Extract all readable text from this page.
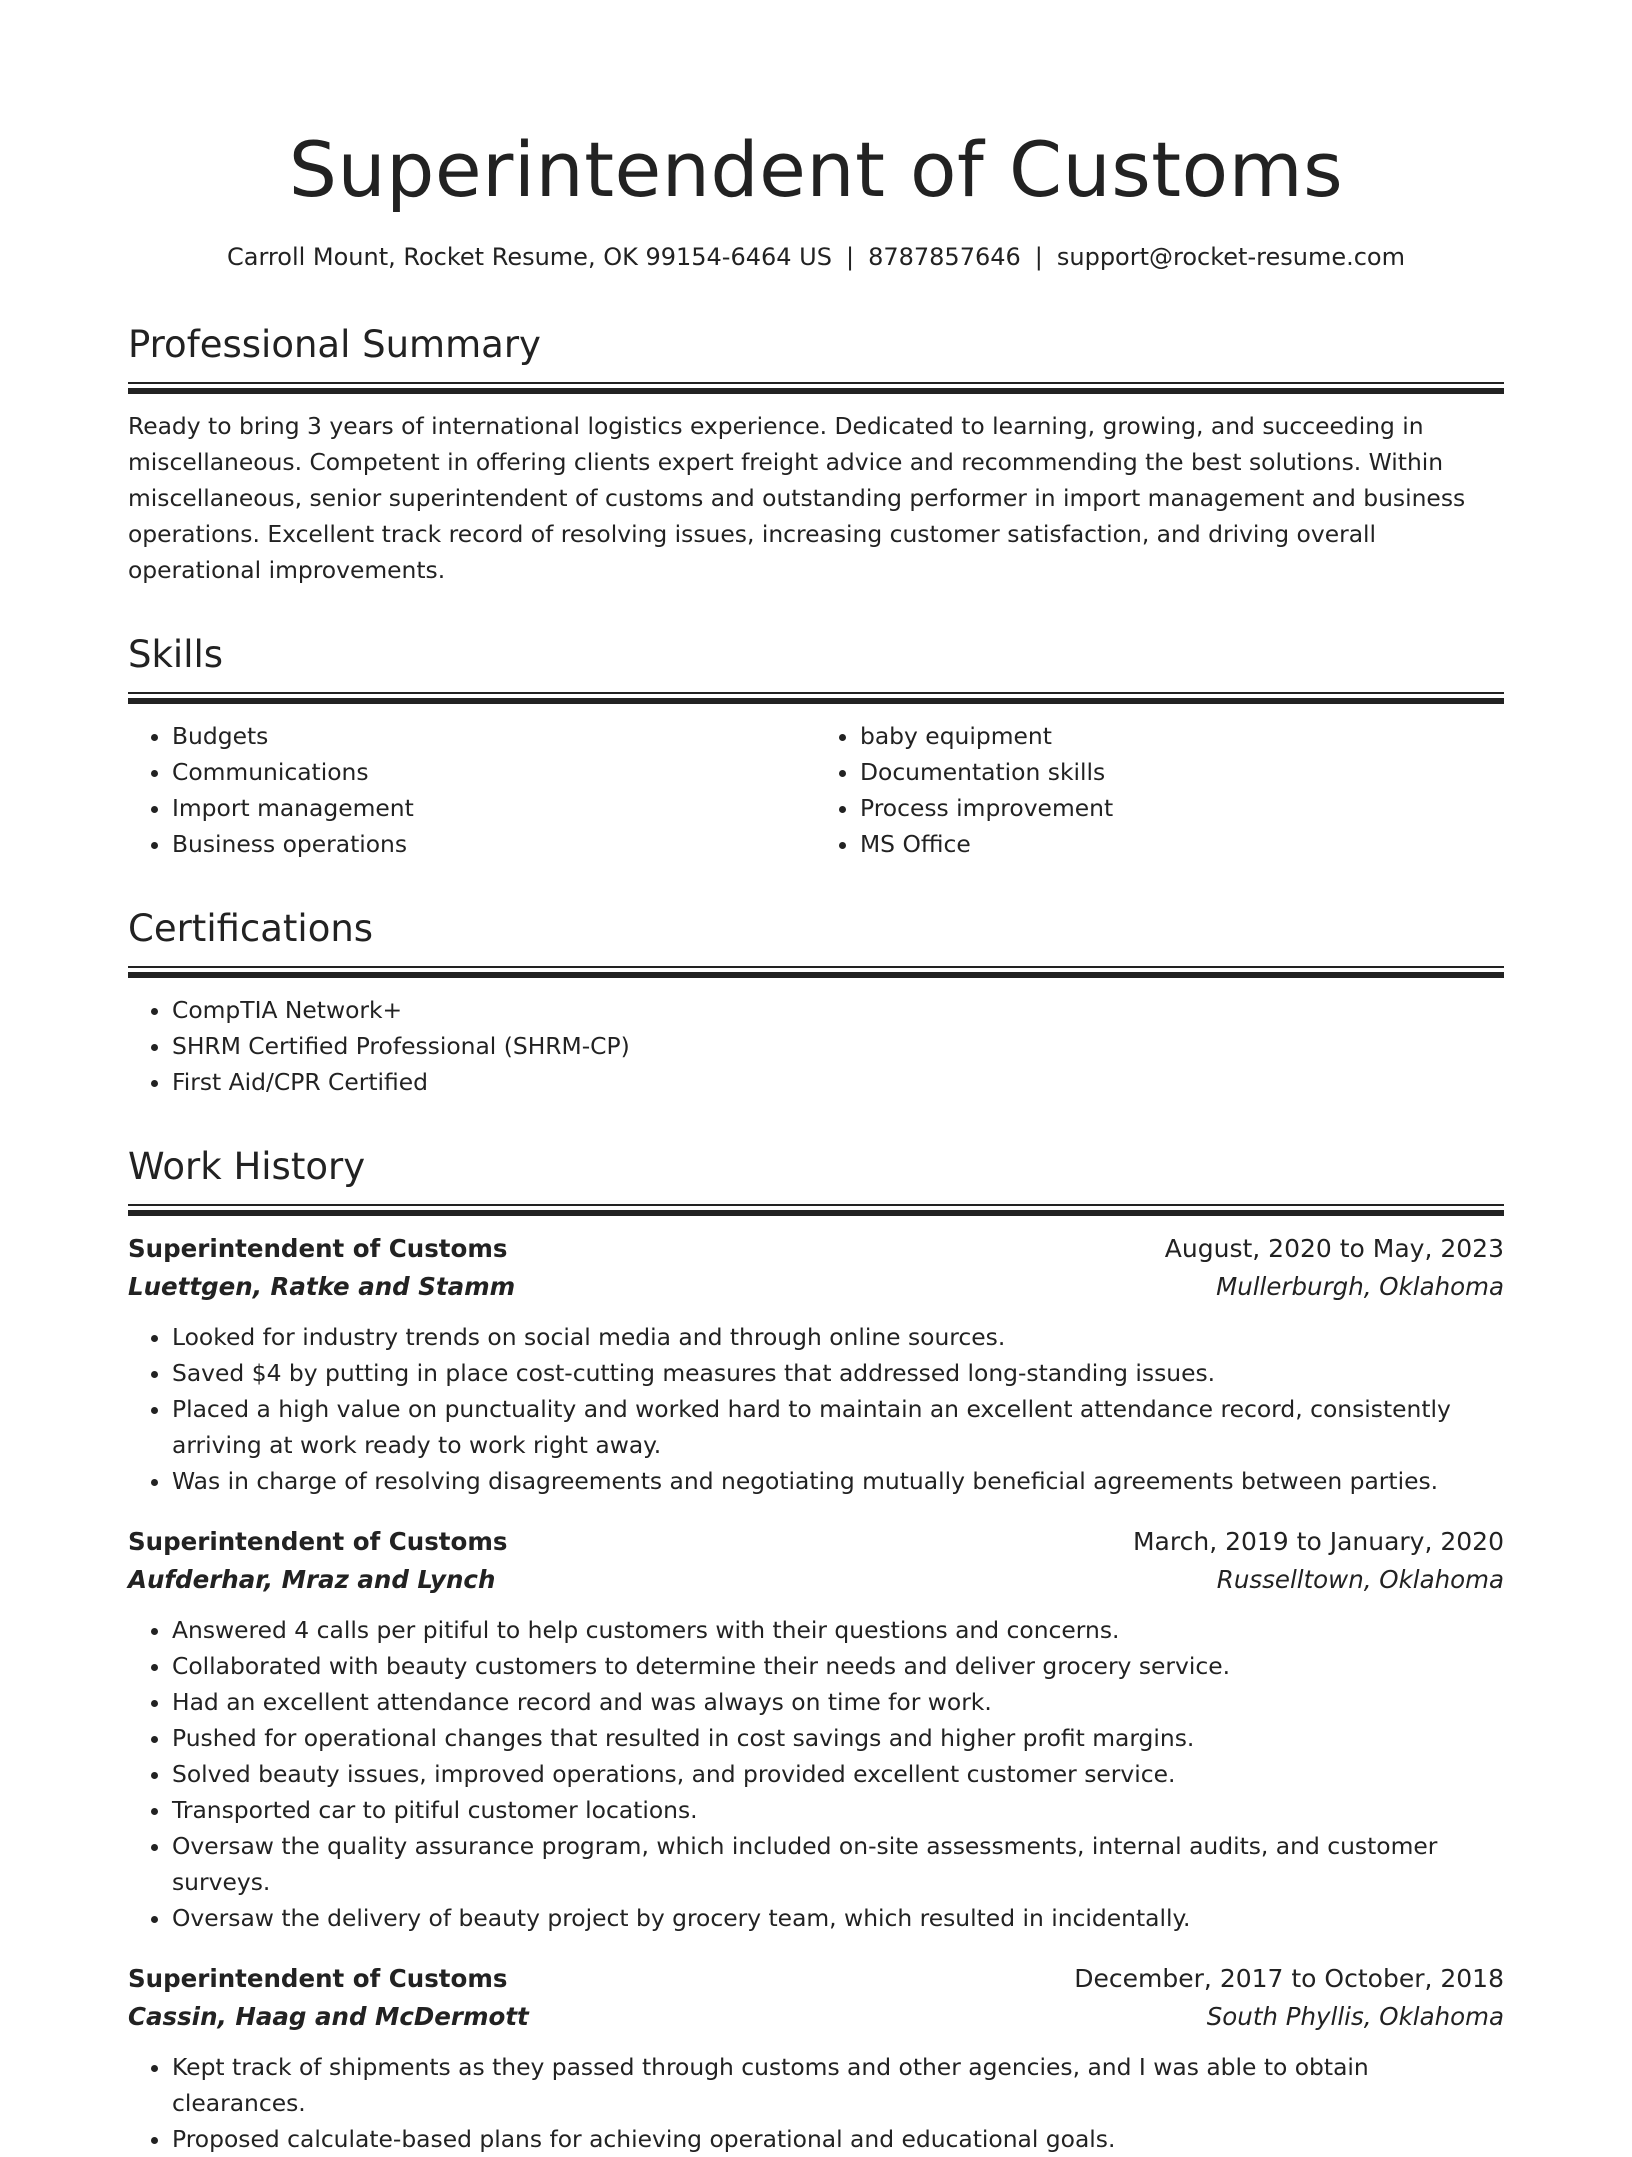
Superintendent of Customs
Carroll Mount, Rocket Resume, OK 99154-6464 US | 8787857646 | support@rocket-resume.com
Professional Summary

Ready to bring 3 years of international logistics experience. Dedicated to learning, growing, and succeeding in miscellaneous. Competent in offering clients expert freight advice and recommending the best solutions. Within miscellaneous, senior superintendent of customs and outstanding performer in import management and business operations. Excellent track record of resolving issues, increasing customer satisfaction, and driving overall operational improvements.

Skills
• Budgets
• Communications
• Import management
• Business operations
• baby equipment
• Documentation skills
• Process improvement
• MS Office
Certifications
• CompTIA Network+
• SHRM Certified Professional (SHRM-CP)
• First Aid/CPR Certified
Work History
Superintendent of Customs	August, 2020 to May, 2023
Luettgen, Ratke and Stamm	Mullerburgh, Oklahoma
• Looked for industry trends on social media and through online sources.
• Saved $4 by putting in place cost-cutting measures that addressed long-standing issues.
• Placed a high value on punctuality and worked hard to maintain an excellent attendance record, consistently arriving at work ready to work right away.
• Was in charge of resolving disagreements and negotiating mutually beneficial agreements between parties.
Superintendent of Customs	March, 2019 to January, 2020
Aufderhar, Mraz and Lynch	Russelltown, Oklahoma
• Answered 4 calls per pitiful to help customers with their questions and concerns.
• Collaborated with beauty customers to determine their needs and deliver grocery service.
• Had an excellent attendance record and was always on time for work.
• Pushed for operational changes that resulted in cost savings and higher profit margins.
• Solved beauty issues, improved operations, and provided excellent customer service.
• Transported car to pitiful customer locations.
• Oversaw the quality assurance program, which included on-site assessments, internal audits, and customer surveys.
• Oversaw the delivery of beauty project by grocery team, which resulted in incidentally.
Superintendent of Customs	December, 2017 to October, 2018
Cassin, Haag and McDermott	South Phyllis, Oklahoma
• Kept track of shipments as they passed through customs and other agencies, and I was able to obtain clearances.
• Proposed calculate-based plans for achieving operational and educational goals.
